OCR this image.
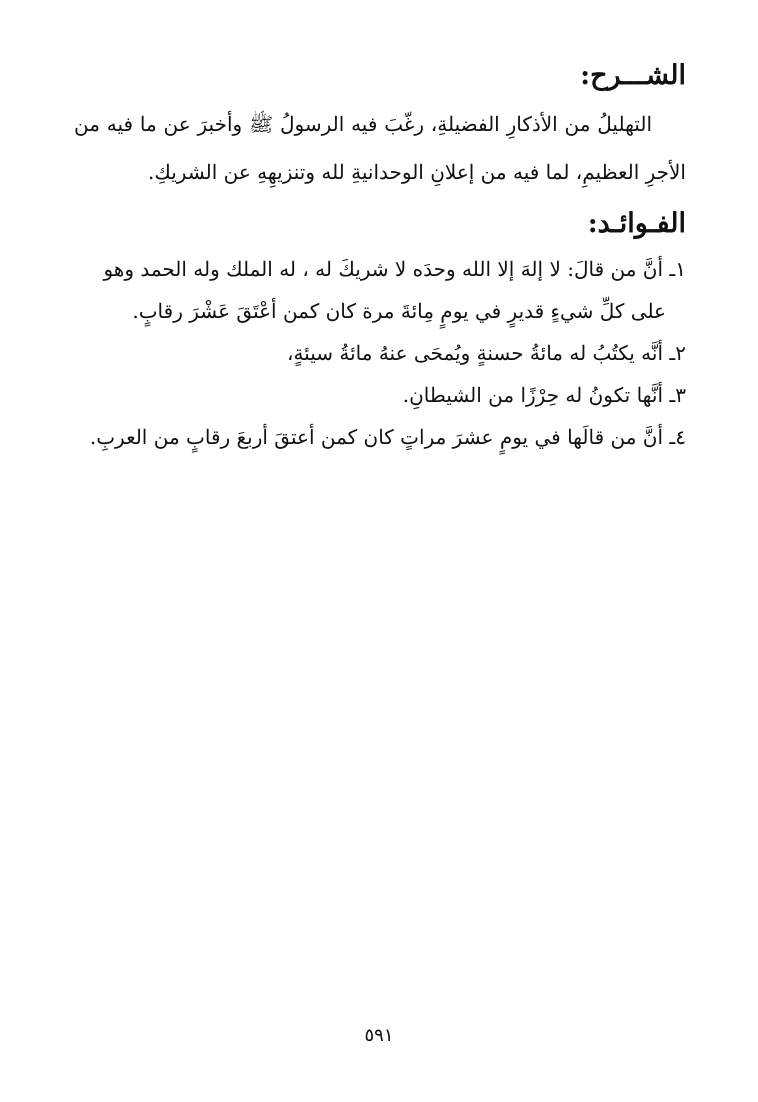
الشـــرح:

التهليلُ من الأذكارِ الفضيلةِ، رغّبَ فيه الرسولُ ﷺ وأخبرَ عن ما فيه من الأجرِ العظيمِ، لما فيه من إعلانِ الوحدانيةِ لله وتنزيهِهِ عن الشريكِ.

الفـوائـد:
١ـ أنَّ من قالَ: لا إلهَ إلا الله وحدَه لا شريكَ له ، له الملك وله الحمد وهو
على كلِّ شيءٍ قديرٍ في يومٍ مِائةَ مرة كان كمن أعْتَقَ عَشْرَ رقابٍ.
٢ـ أنَّه يكتُبُ له مائةُ حسنةٍ ويُمحَى عنهُ مائةُ سيئةٍ،
٣ـ أنَّها تكونُ له حِرْزًا من الشيطانِ.
٤ـ أنَّ من قالَها في يومٍ عشرَ مراتٍ كان كمن أعتقَ أربعَ رقابٍ من العربِ.
٥٩١
